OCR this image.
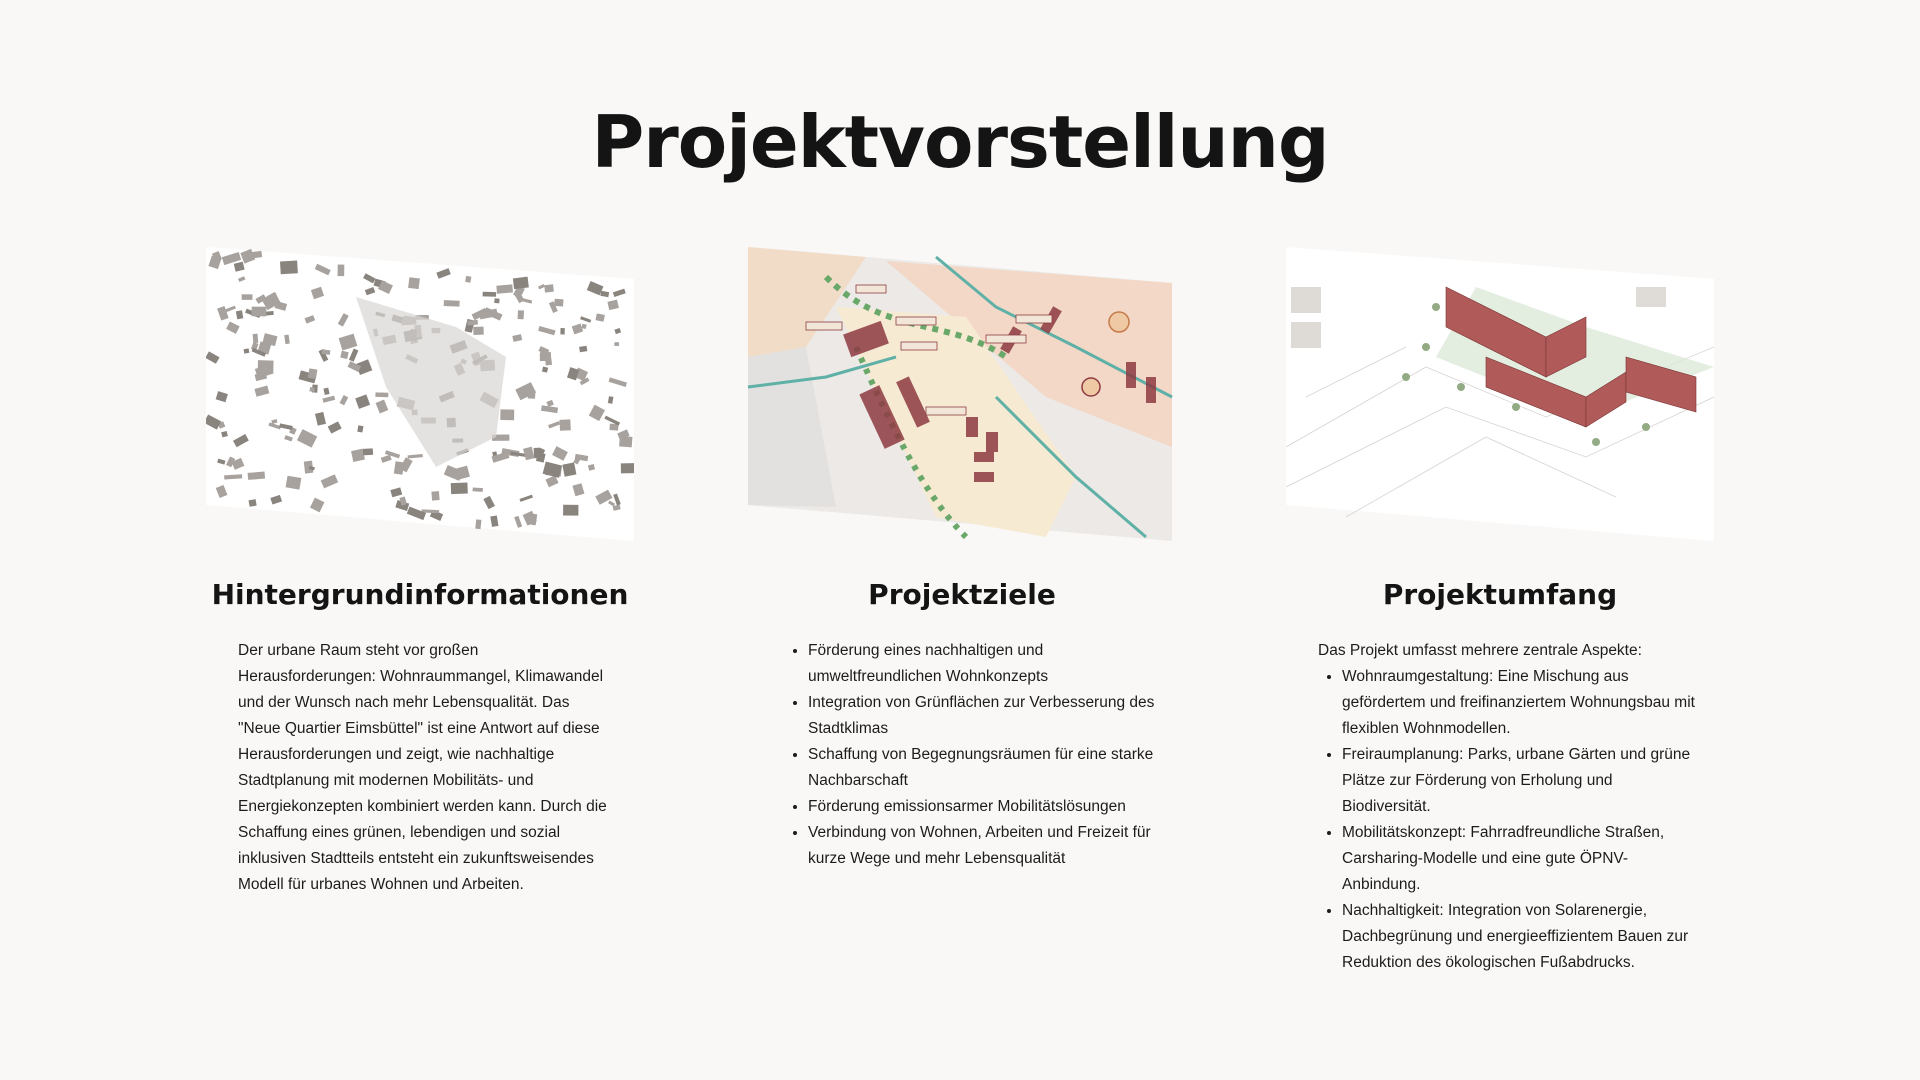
Projektvorstellung
Hintergrundinformationen

Der urbane Raum steht vor großen Herausforderungen: Wohnraummangel, Klimawandel und der Wunsch nach mehr Lebensqualität. Das "Neue Quartier Eimsbüttel" ist eine Antwort auf diese Herausforderungen und zeigt, wie nachhaltige Stadtplanung mit modernen Mobilitäts- und Energiekonzepten kombiniert werden kann. Durch die Schaffung eines grünen, lebendigen und sozial inklusiven Stadtteils entsteht ein zukunftsweisendes Modell für urbanes Wohnen und Arbeiten.

Projektziele
• Förderung eines nachhaltigen und umweltfreundlichen Wohnkonzepts
• Integration von Grünflächen zur Verbesserung des Stadtklimas
• Schaffung von Begegnungsräumen für eine starke Nachbarschaft
• Förderung emissionsarmer Mobilitätslösungen
• Verbindung von Wohnen, Arbeiten und Freizeit für kurze Wege und mehr Lebensqualität
Projektumfang

Das Projekt umfasst mehrere zentrale Aspekte:

• Wohnraumgestaltung: Eine Mischung aus gefördertem und freifinanziertem Wohnungsbau mit flexiblen Wohnmodellen.
• Freiraumplanung: Parks, urbane Gärten und grüne Plätze zur Förderung von Erholung und Biodiversität.
• Mobilitätskonzept: Fahrradfreundliche Straßen, Carsharing-Modelle und eine gute ÖPNV-Anbindung.
• Nachhaltigkeit: Integration von Solarenergie, Dachbegrünung und energieeffizientem Bauen zur Reduktion des ökologischen Fußabdrucks.
